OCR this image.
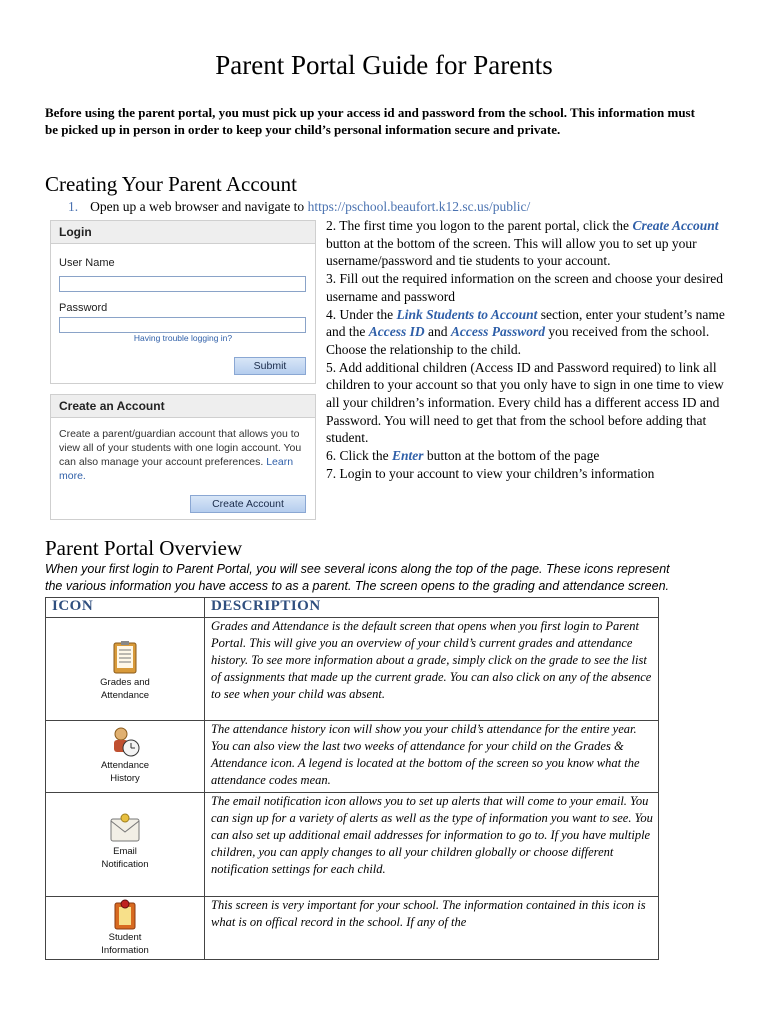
Parent Portal Guide for Parents
Before using the parent portal, you must pick up your access id and password from the school. This information must be picked up in person in order to keep your child’s personal information secure and private.
Creating Your Parent Account
1. Open up a web browser and navigate to https://pschool.beaufort.k12.sc.us/public/
2. The first time you logon to the parent portal, click the Create Account button at the bottom of the screen. This will allow you to set up your username/password and tie students to your account.
3. Fill out the required information on the screen and choose your desired username and password
4. Under the Link Students to Account section, enter your student’s name and the Access ID and Access Password you received from the school. Choose the relationship to the child.
5. Add additional children (Access ID and Password required) to link all children to your account so that you only have to sign in one time to view all your children’s information. Every child has a different access ID and Password. You will need to get that from the school before adding that student.
6. Click the Enter button at the bottom of the page
7. Login to your account to view your children’s information
Login
User Name
Password
Having trouble logging in?
Submit
Create an Account
Create a parent/guardian account that allows you to view all of your students with one login account. You can also manage your account preferences. Learn more.
Create Account
Parent Portal Overview
When your first login to Parent Portal, you will see several icons along the top of the page. These icons represent
the various information you have access to as a parent. The screen opens to the grading and attendance screen.
ICON	DESCRIPTION

Grades and
Attendance	Grades and Attendance is the default screen that opens when you first login to Parent Portal. This will give you an overview of your child’s current grades and attendance history. To see more information about a grade, simply click on the grade to see the list of assignments that made up the current grade. You can also click on any of the absence to see when your child was absent.

Attendance
History	The attendance history icon will show you your child’s attendance for the entire year. You can also view the last two weeks of attendance for your child on the Grades & Attendance icon. A legend is located at the bottom of the screen so you know what the attendance codes mean.

Email
Notification	The email notification icon allows you to set up alerts that will come to your email. You can sign up for a variety of alerts as well as the type of information you want to see. You can also set up additional email addresses for information to go to. If you have multiple children, you can apply changes to all your children globally or choose different notification settings for each child.

Student
Information	This screen is very important for your school. The information contained in this icon is what is on offical record in the school. If any of the
